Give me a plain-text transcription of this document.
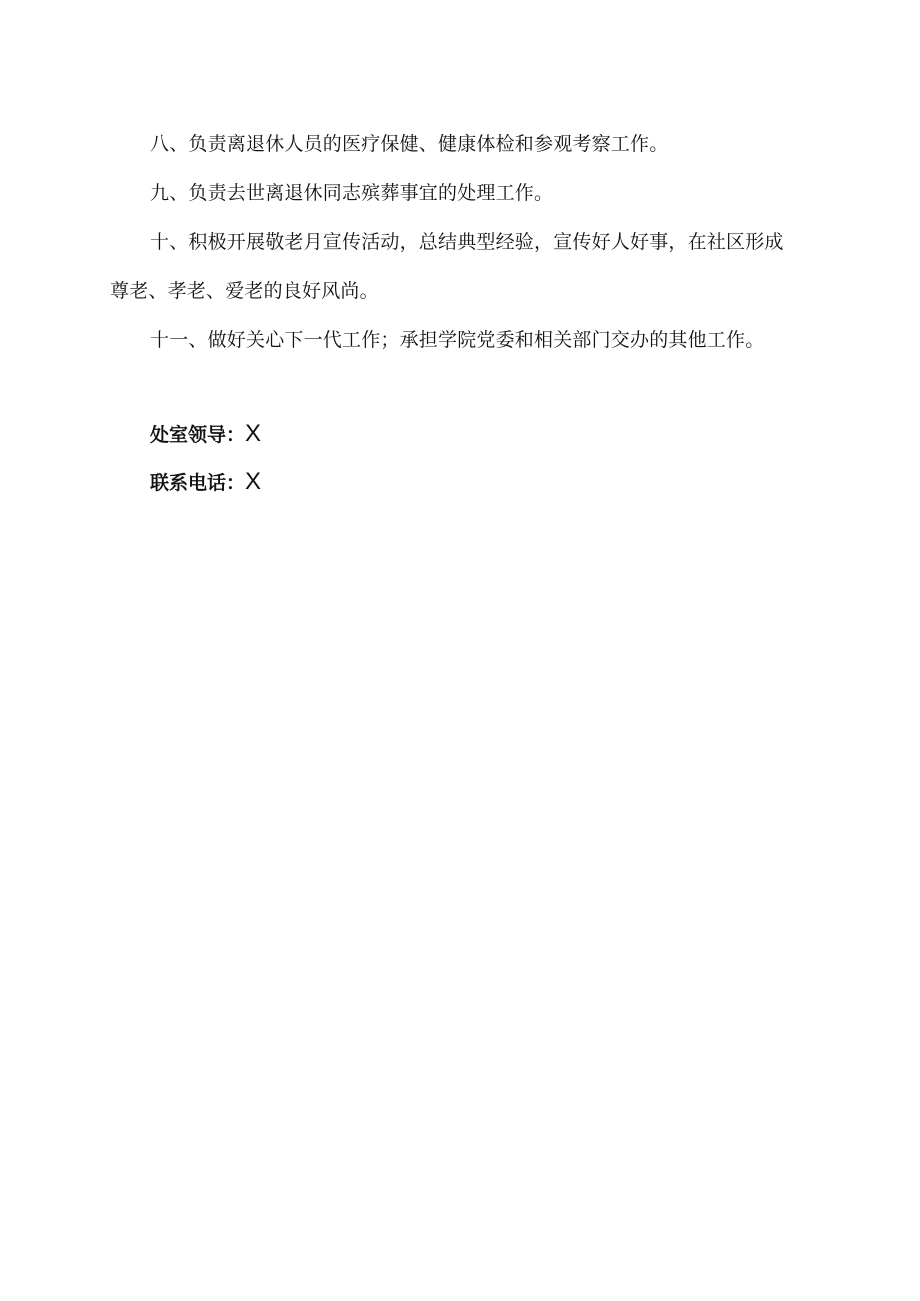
八、负责离退休人员的医疗保健、健康体检和参观考察工作。

九、负责去世离退休同志殡葬事宜的处理工作。

十、积极开展敬老月宣传活动，总结典型经验，宣传好人好事，在社区形成尊老、孝老、爱老的良好风尚。

十一、做好关心下一代工作；承担学院党委和相关部门交办的其他工作。

处室领导：X

联系电话：X
